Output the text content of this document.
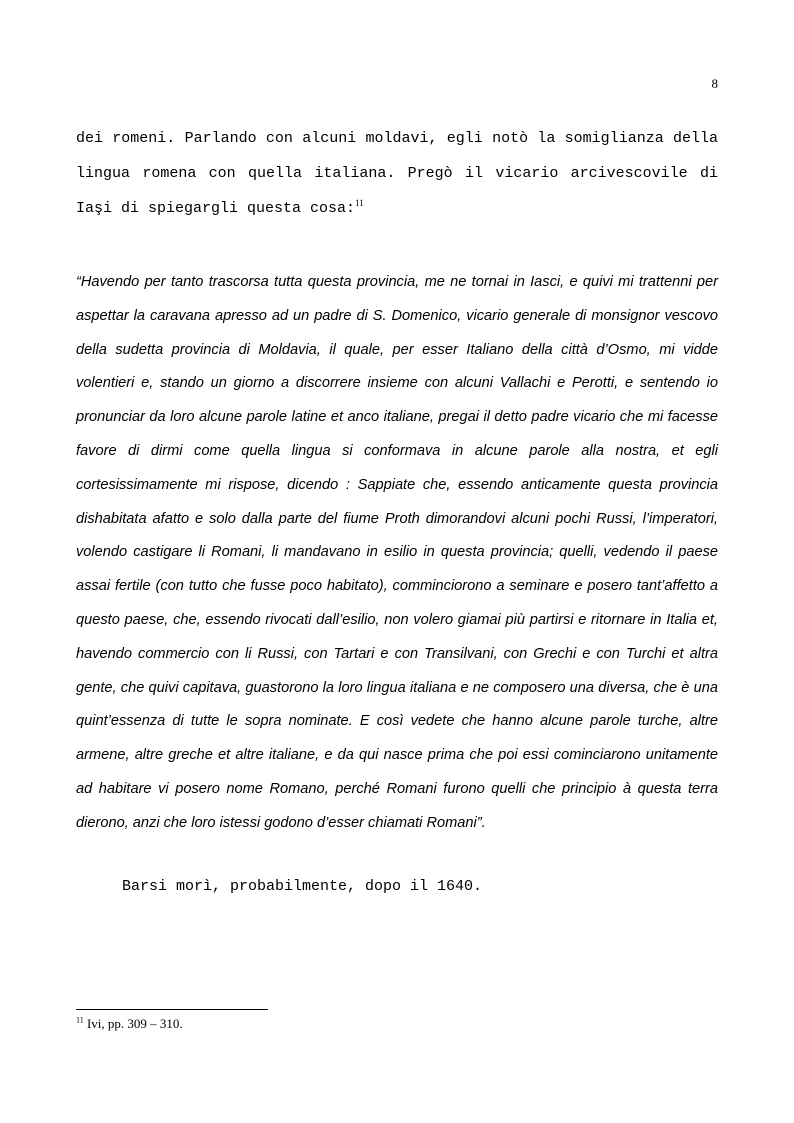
8

dei romeni. Parlando con alcuni moldavi, egli notò la somiglianza della lingua romena con quella italiana. Pregò il vicario arcivescovile di Iaşi di spiegargli questa cosa:$^{11}$

“Havendo per tanto trascorsa tutta questa provincia, me ne tornai in Iasci, e quivi mi trattenni per aspettar la caravana apresso ad un padre di S. Domenico, vicario generale di monsignor vescovo della sudetta provincia di Moldavia, il quale, per esser Italiano della città d’Osmo, mi vidde volentieri e, stando un giorno a discorrere insieme con alcuni Vallachi e Perotti, e sentendo io pronunciar da loro alcune parole latine et anco italiane, pregai il detto padre vicario che mi facesse favore di dirmi come quella lingua si conformava in alcune parole alla nostra, et egli cortesissimamente mi rispose, dicendo : Sappiate che, essendo anticamente questa provincia dishabitata afatto e solo dalla parte del fiume Proth dimorandovi alcuni pochi Russi, l’imperatori, volendo castigare li Romani, li mandavano in esilio in questa provincia; quelli, vedendo il paese assai fertile (con tutto che fusse poco habitato), comminciorono a seminare e posero tant’affetto a questo paese, che, essendo rivocati dall’esilio, non volero giamai più partirsi e ritornare in Italia et, havendo commercio con li Russi, con Tartari e con Transilvani, con Grechi e con Turchi et altra gente, che quivi capitava, guastorono la loro lingua italiana e ne composero una diversa, che è una quint’essenza di tutte le sopra nominate. E così vedete che hanno alcune parole turche, altre armene, altre greche et altre italiane, e da qui nasce prima che poi essi cominciarono unitamente ad habitare vi posero nome Romano, perché Romani furono quelli che principio à questa terra dierono, anzi che loro istessi godono d’esser chiamati Romani”.

Barsi morì, probabilmente, dopo il 1640.

$^{11}$ Ivi, pp. 309 – 310.
